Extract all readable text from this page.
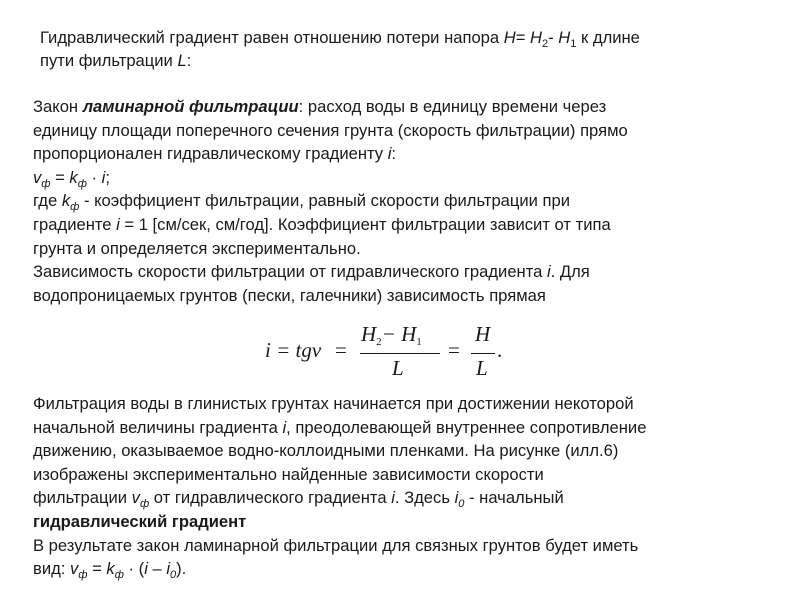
Гидравлический градиент равен отношению потери напора $H= H_2-$ $H_1$ к длине
пути фильтрации L:
Закон ламинарной фильтрации: расход воды в единицу времени через
единицу площади поперечного сечения грунта (скорость фильтрации) прямо
пропорционален гидравлическому градиенту i:
$v_ф = k_ф \cdot i$;
где $k_ф$ - коэффициент фильтрации, равный скорости фильтрации при
градиенте i = 1 [см/сек, см/год]. Коэффициент фильтрации зависит от типа
грунта и определяется экспериментально.
Зависимость скорости фильтрации от гидравлического градиента i. Для
водопроницаемых грунтов (пески, галечники) зависимость прямая
i = tgν =
$H_2- H_1$
L
=
H
L
.
Фильтрация воды в глинистых грунтах начинается при достижении некоторой
начальной величины градиента i, преодолевающей внутреннее сопротивление
движению, оказываемое водно-коллоидными пленками. На рисунке (илл.6)
изображены экспериментально найденные зависимости скорости
фильтрации $v_ф$ от гидравлического градиента i. Здесь $i_0$ - начальный
гидравлический градиент
В результате закон ламинарной фильтрации для связных грунтов будет иметь
вид: $v_ф = k_ф \cdot (i - i_0)$.
